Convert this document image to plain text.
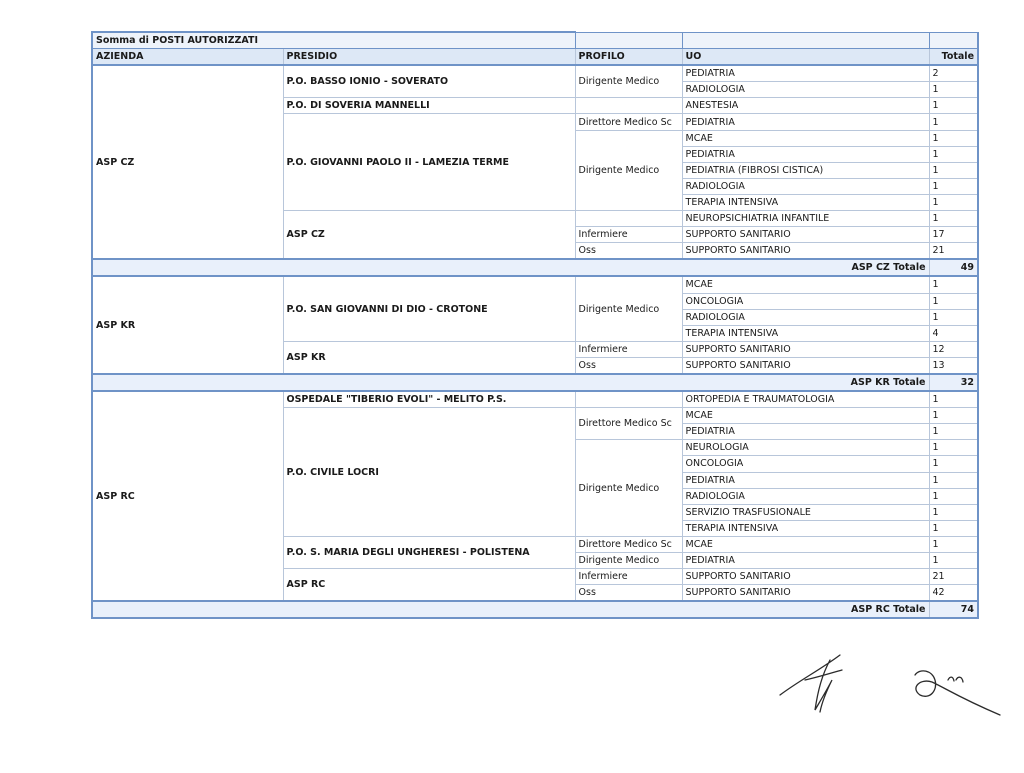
Somma di POSTI AUTORIZZATI				
AZIENDA	PRESIDIO	PROFILO	UO	Totale
ASP CZ	P.O. BASSO IONIO - SOVERATO	Dirigente Medico	PEDIATRIA	2
			RADIOLOGIA	1
	P.O. DI SOVERIA MANNELLI		ANESTESIA	1
	P.O. GIOVANNI PAOLO II - LAMEZIA TERME	Direttore Medico Sc	PEDIATRIA	1
		Dirigente Medico	MCAE	1
			PEDIATRIA	1
			PEDIATRIA (FIBROSI CISTICA)	1
			RADIOLOGIA	1
			TERAPIA INTENSIVA	1
	ASP CZ		NEUROPSICHIATRIA INFANTILE	1
		Infermiere	SUPPORTO SANITARIO	17
		Oss	SUPPORTO SANITARIO	21
ASP CZ Totale				49
ASP KR	P.O. SAN GIOVANNI DI DIO - CROTONE	Dirigente Medico	MCAE	1
			ONCOLOGIA	1
			RADIOLOGIA	1
			TERAPIA INTENSIVA	4
	ASP KR	Infermiere	SUPPORTO SANITARIO	12
		Oss	SUPPORTO SANITARIO	13
ASP KR Totale				32
ASP RC	OSPEDALE "TIBERIO EVOLI" - MELITO P.S.		ORTOPEDIA E TRAUMATOLOGIA	1
	P.O. CIVILE LOCRI	Direttore Medico Sc	MCAE	1
			PEDIATRIA	1
		Dirigente Medico	NEUROLOGIA	1
			ONCOLOGIA	1
			PEDIATRIA	1
			RADIOLOGIA	1
			SERVIZIO TRASFUSIONALE	1
			TERAPIA INTENSIVA	1
	P.O. S. MARIA DEGLI UNGHERESI - POLISTENA	Direttore Medico Sc	MCAE	1
		Dirigente Medico	PEDIATRIA	1
	ASP RC	Infermiere	SUPPORTO SANITARIO	21
		Oss	SUPPORTO SANITARIO	42
ASP RC Totale				74
